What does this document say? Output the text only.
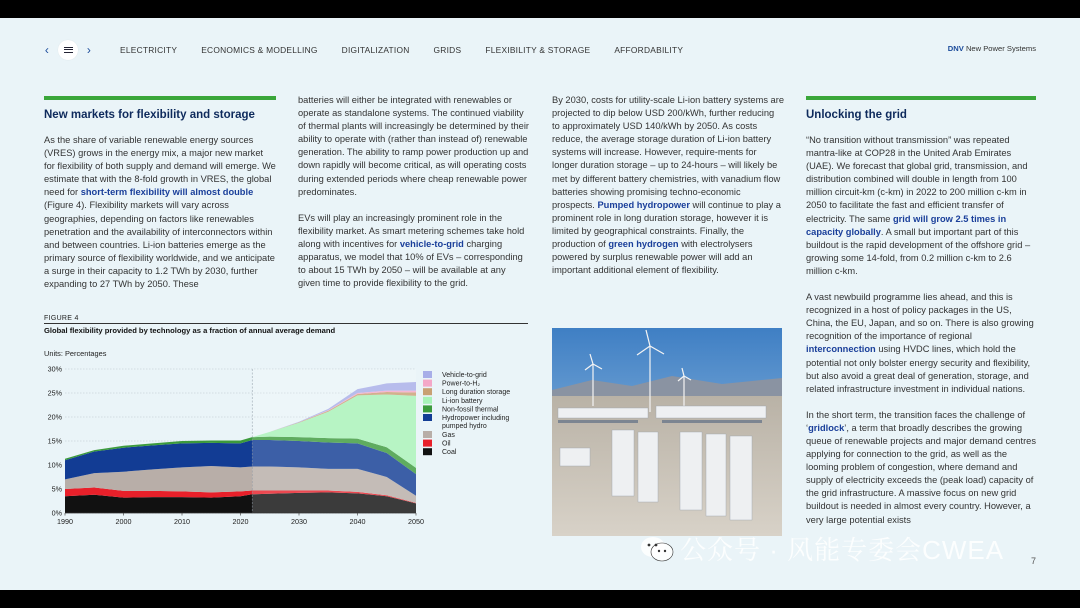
‹	›	ELECTRICITY	ECONOMICS & MODELLING	DIGITALIZATION	GRIDS	FLEXIBILITY & STORAGE	AFFORDABILITY	DNV New Power Systems
New markets for flexibility and storage

As the share of variable renewable energy sources (VRES) grows in the energy mix, a major new market for flexibility of both supply and demand will emerge. We estimate that with the 8-fold growth in VRES, the global need for short-term flexibility will almost double (Figure 4). Flexibility markets will vary across geographies, depending on factors like renewables penetration and the availability of interconnectors within and between countries. Li-ion batteries emerge as the primary source of flexibility worldwide, and we anticipate a surge in their capacity to 1.2 TWh by 2030, further expanding to 27 TWh by 2050. These

batteries will either be integrated with renewables or operate as standalone systems. The continued viability of thermal plants will increasingly be determined by their ability to operate with (rather than instead of) renewable generation. The ability to ramp power production up and down rapidly will become critical, as will operating costs during extended periods where cheap renewable power predominates.

EVs will play an increasingly prominent role in the flexibility market. As smart metering schemes take hold along with incentives for vehicle-to-grid charging apparatus, we model that 10% of EVs – corresponding to about 15 TWh by 2050 – will be available at any given time to provide flexibility to the grid.

By 2030, costs for utility-scale Li-ion battery systems are projected to dip below USD 200/kWh, further reducing to approximately USD 140/kWh by 2050. As costs reduce, the average storage duration of Li-ion battery systems will increase. However, require-ments for longer duration storage – up to 24-hours – will likely be met by different battery chemistries, with vanadium flow batteries showing promising techno-economic prospects. Pumped hydropower will continue to play a prominent role in long duration storage, however it is limited by geographical constraints. Finally, the production of green hydrogen with electrolysers powered by surplus renewable power will add an important additional element of flexibility.

Unlocking the grid

“No transition without transmission” was repeated mantra-like at COP28 in the United Arab Emirates (UAE). We forecast that global grid, transmission, and distribution combined will double in length from 100 million circuit-km (c-km) in 2022 to 200 million c-km in 2050 to facilitate the fast and efficient transfer of electricity. The same grid will grow 2.5 times in capacity globally. A small but important part of this buildout is the rapid development of the offshore grid – growing some 14-fold, from 0.2 million c-km to 2.6 million c-km.

A vast newbuild programme lies ahead, and this is recognized in a host of policy packages in the US, China, the EU, Japan, and so on. There is also growing recognition of the importance of regional interconnection using HVDC lines, which hold the potential not only bolster energy security and flexibility, but also avoid a great deal of generation, storage, and related infrastructure investment in individual nations.

In the short term, the transition faces the challenge of ‘gridlock’, a term that broadly describes the growing queue of renewable projects and major demand centres applying for connection to the grid, as well as the looming problem of congestion, where demand and supply of electricity exceeds the (peak load) capacity of the grid infrastructure. A massive focus on new grid buildout is needed in almost every country. However, a very large potential exists

FIGURE 4
Global flexibility provided by technology as a fraction of annual average demand
Units: Percentages
0%
5%
10%
15%
20%
25%
30%
1990	2000	2010	2020	2030	2040	2050
Vehicle-to-grid
Power-to-H₂
Long duration storage
Li-ion battery
Non-fossil thermal
Hydropower including
pumped hydro
Gas
Oil
Coal
7
公众号 · 风能专委会CWEA
